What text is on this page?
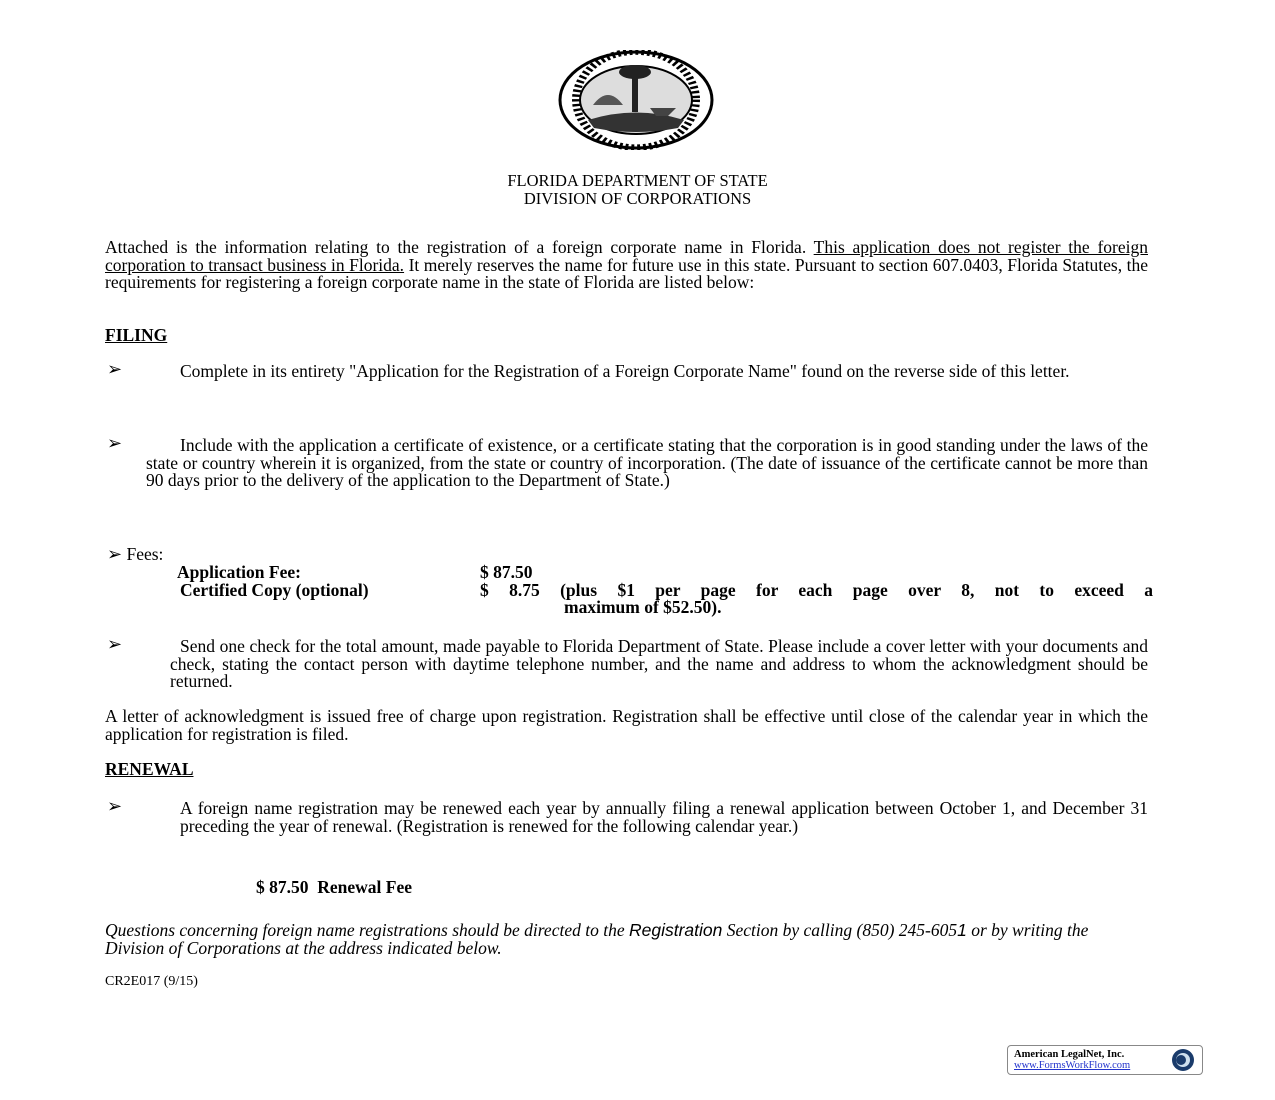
FLORIDA DEPARTMENT OF STATE
DIVISION OF CORPORATIONS
Attached is the information relating to the registration of a foreign corporate name in Florida. This application does not register the foreign corporation to transact business in Florida. It merely reserves the name for future use in this state. Pursuant to section 607.0403, Florida Statutes, the requirements for registering a foreign corporate name in the state of Florida are listed below:
FILING
➢	Complete in its entirety "Application for the Registration of a Foreign Corporate Name" found on the reverse side of this letter.
➢	Include with the application a certificate of existence, or a certificate stating that the corporation is in good standing under the laws of the state or country wherein it is organized, from the state or country of incorporation. (The date of issuance of the certificate cannot be more than 90 days prior to the delivery of the application to the Department of State.)
➢ Fees:
Application Fee:	$ 87.50
Certified Copy (optional)	$ 8.75 (plus $1 per page for each page over 8, not to exceed a
maximum of $52.50).
➢	Send one check for the total amount, made payable to Florida Department of State. Please include a cover letter with your documents and check, stating the contact person with daytime telephone number, and the name and address to whom the acknowledgment should be returned.
A letter of acknowledgment is issued free of charge upon registration. Registration shall be effective until close of the calendar year in which the application for registration is filed.
RENEWAL
➢	A foreign name registration may be renewed each year by annually filing a renewal application between October 1, and December 31 preceding the year of renewal. (Registration is renewed for the following calendar year.)
$ 87.50 Renewal Fee
Questions concerning foreign name registrations should be directed to the Registration Section by calling (850) 245-6051 or by writing the Division of Corporations at the address indicated below.
CR2E017 (9/15)
American LegalNet, Inc.
www.FormsWorkFlow.com
